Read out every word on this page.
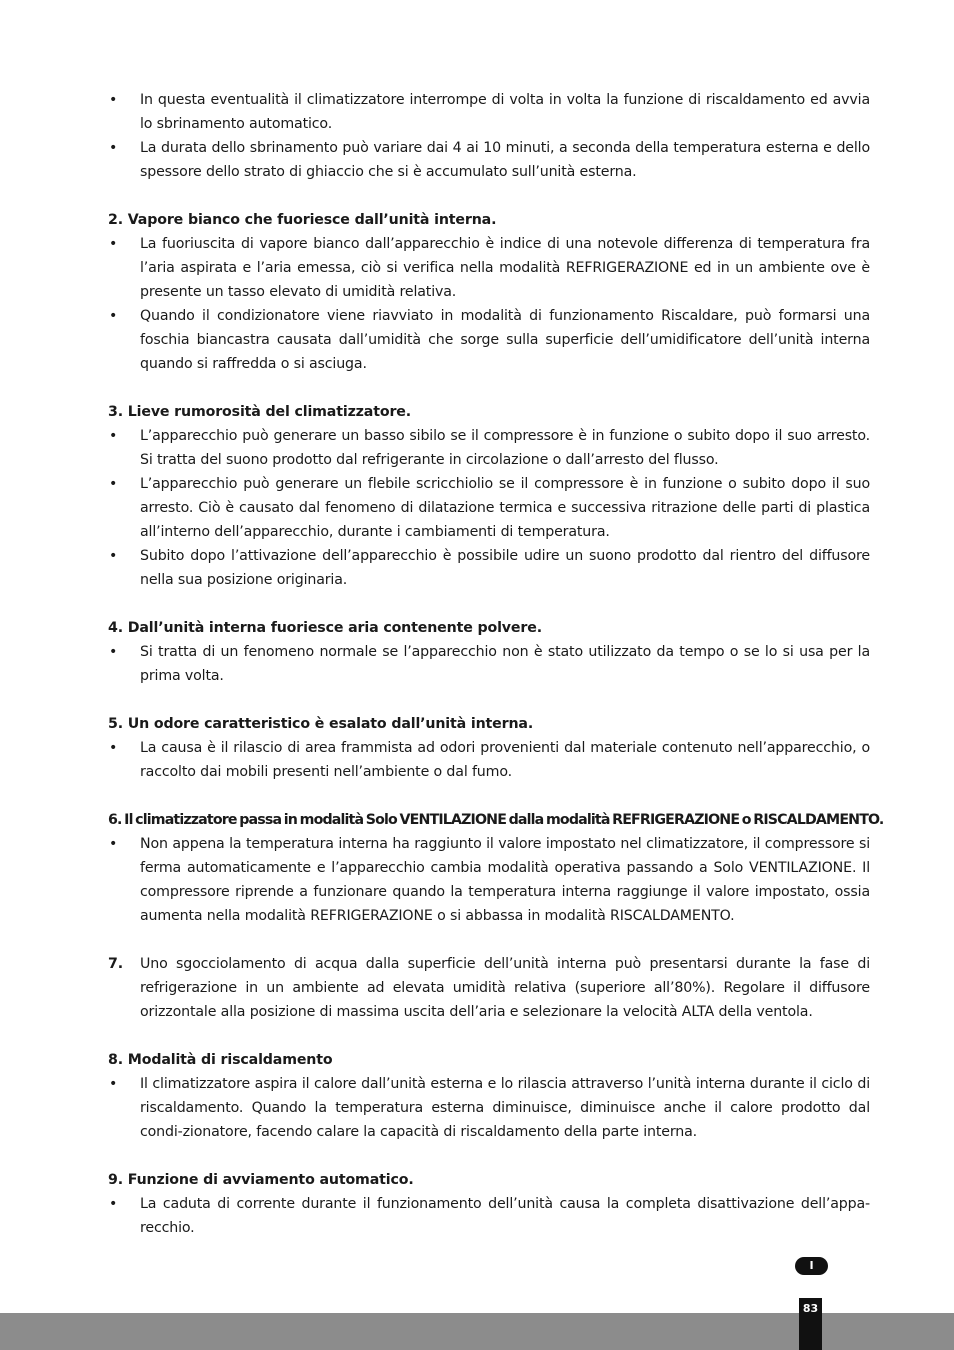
• In questa eventualità il climatizzatore interrompe di volta in volta la funzione di riscaldamento ed avvia lo sbrinamento automatico.
• La durata dello sbrinamento può variare dai 4 ai 10 minuti, a seconda della temperatura esterna e dello spessore dello strato di ghiaccio che si è accumulato sull’unità esterna.
2. Vapore bianco che fuoriesce dall’unità interna.
• La fuoriuscita di vapore bianco dall’apparecchio è indice di una notevole differenza di temperatura fra l’aria aspirata e l’aria emessa, ciò si verifica nella modalità REFRIGERAZIONE ed in un ambiente ove è presente un tasso elevato di umidità relativa.
• Quando il condizionatore viene riavviato in modalità di funzionamento Riscaldare, può formarsi una foschia biancastra causata dall’umidità che sorge sulla superficie dell’umidificatore dell’unità interna quando si raffredda o si asciuga.
3. Lieve rumorosità del climatizzatore.
• L’apparecchio può generare un basso sibilo se il compressore è in funzione o subito dopo il suo arresto. Si tratta del suono prodotto dal refrigerante in circolazione o dall’arresto del flusso.
• L’apparecchio può generare un flebile scricchiolio se il compressore è in funzione o subito dopo il suo arresto. Ciò è causato dal fenomeno di dilatazione termica e successiva ritrazione delle parti di plastica all’interno dell’apparecchio, durante i cambiamenti di temperatura.
• Subito dopo l’attivazione dell’apparecchio è possibile udire un suono prodotto dal rientro del diffusore nella sua posizione originaria.
4. Dall’unità interna fuoriesce aria contenente polvere.
• Si tratta di un fenomeno normale se l’apparecchio non è stato utilizzato da tempo o se lo si usa per la prima volta.
5. Un odore caratteristico è esalato dall’unità interna.
• La causa è il rilascio di area frammista ad odori provenienti dal materiale contenuto nell’apparecchio, o raccolto dai mobili presenti nell’ambiente o dal fumo.
6. Il climatizzatore passa in modalità Solo VENTILAZIONE dalla modalità REFRIGERAZIONE o RISCALDAMENTO.
• Non appena la temperatura interna ha raggiunto il valore impostato nel climatizzatore, il compressore si ferma automaticamente e l’apparecchio cambia modalità operativa passando a Solo VENTILAZIONE. Il compressore riprende a funzionare quando la temperatura interna raggiunge il valore impostato, ossia aumenta nella modalità REFRIGERAZIONE o si abbassa in modalità RISCALDAMENTO.
7. Uno sgocciolamento di acqua dalla superficie dell’unità interna può presentarsi durante la fase di refrigerazione in un ambiente ad elevata umidità relativa (superiore all’80%). Regolare il diffusore orizzontale alla posizione di massima uscita dell’aria e selezionare la velocità ALTA della ventola.
8. Modalità di riscaldamento
• Il climatizzatore aspira il calore dall’unità esterna e lo rilascia attraverso l’unità interna durante il ciclo di riscaldamento. Quando la temperatura esterna diminuisce, diminuisce anche il calore prodotto dal condi-zionatore, facendo calare la capacità di riscaldamento della parte interna.
9. Funzione di avviamento automatico.
• La caduta di corrente durante il funzionamento dell’unità causa la completa disattivazione dell’appa-recchio.
I
83
